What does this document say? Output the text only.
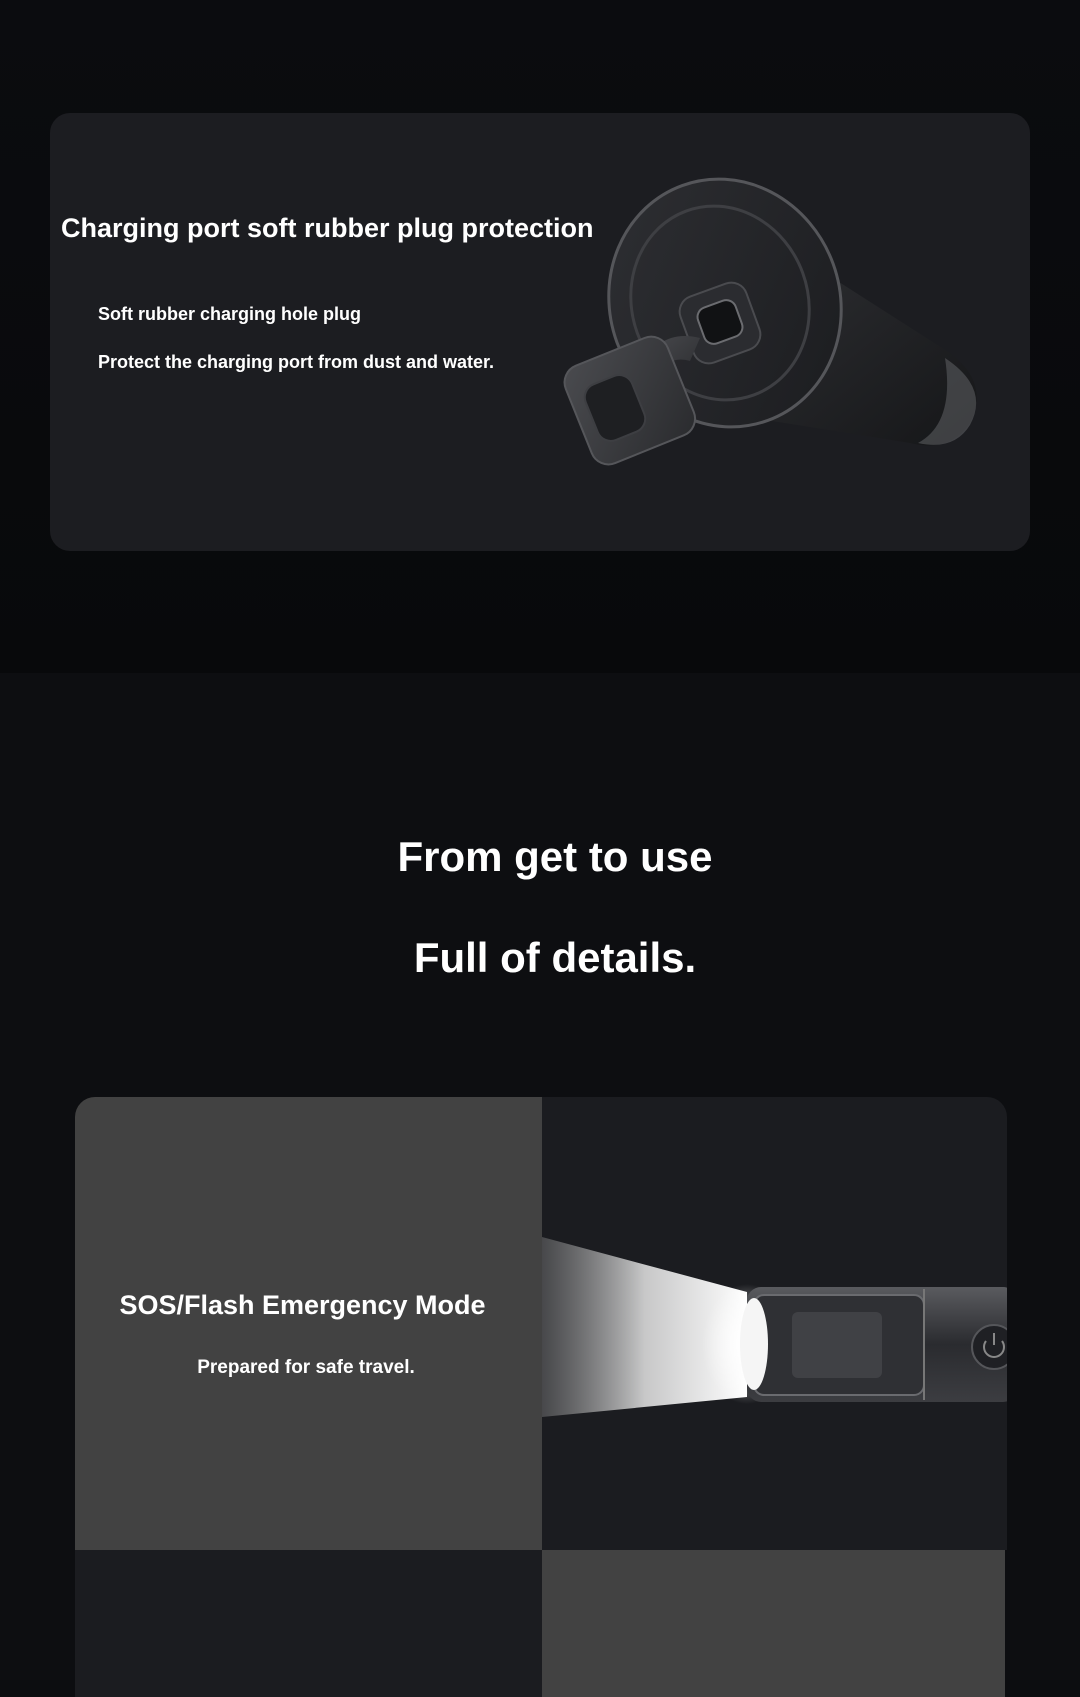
Charging port soft rubber plug protection

Soft rubber charging hole plug

Protect the charging port from dust and water.

From get to use
Full of details.
SOS/Flash Emergency Mode

Prepared for safe travel.
